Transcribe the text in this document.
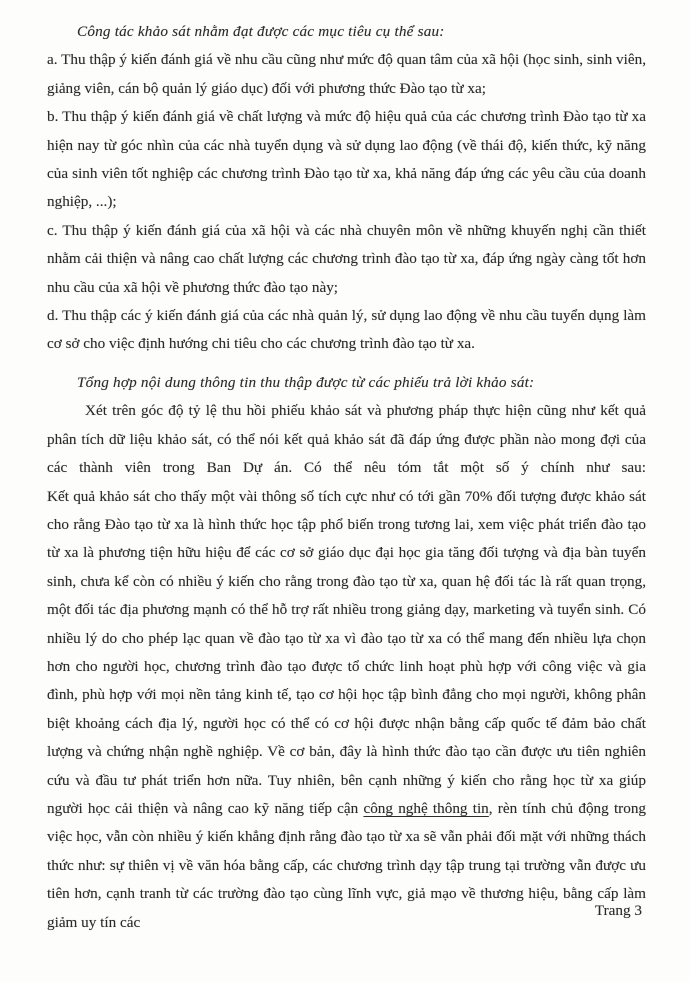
Công tác khảo sát nhằm đạt được các mục tiêu cụ thể sau:

a. Thu thập ý kiến đánh giá về nhu cầu cũng như mức độ quan tâm của xã hội (học sinh, sinh viên, giảng viên, cán bộ quản lý giáo dục) đối với phương thức Đào tạo từ xa;

b. Thu thập ý kiến đánh giá về chất lượng và mức độ hiệu quả của các chương trình Đào tạo từ xa hiện nay từ góc nhìn của các nhà tuyển dụng và sử dụng lao động (về thái độ, kiến thức, kỹ năng của sinh viên tốt nghiệp các chương trình Đào tạo từ xa, khả năng đáp ứng các yêu cầu của doanh nghiệp, ...);

c. Thu thập ý kiến đánh giá của xã hội và các nhà chuyên môn về những khuyến nghị cần thiết nhằm cải thiện và nâng cao chất lượng các chương trình đào tạo từ xa, đáp ứng ngày càng tốt hơn nhu cầu của xã hội về phương thức đào tạo này;

d. Thu thập các ý kiến đánh giá của các nhà quản lý, sử dụng lao động về nhu cầu tuyển dụng làm cơ sở cho việc định hướng chi tiêu cho các chương trình đào tạo từ xa.

Tổng hợp nội dung thông tin thu thập được từ các phiếu trả lời khảo sát:

Xét trên góc độ tỷ lệ thu hồi phiếu khảo sát và phương pháp thực hiện cũng như kết quả phân tích dữ liệu khảo sát, có thể nói kết quả khảo sát đã đáp ứng được phần nào mong đợi của các thành viên trong Ban Dự án. Có thể nêu tóm tắt một số ý chính như sau:

Kết quả khảo sát cho thấy một vài thông số tích cực như có tới gần 70% đối tượng được khảo sát cho rằng Đào tạo từ xa là hình thức học tập phổ biến trong tương lai, xem việc phát triển đào tạo từ xa là phương tiện hữu hiệu để các cơ sở giáo dục đại học gia tăng đối tượng và địa bàn tuyển sinh, chưa kể còn có nhiều ý kiến cho rằng trong đào tạo từ xa, quan hệ đối tác là rất quan trọng, một đối tác địa phương mạnh có thể hỗ trợ rất nhiều trong giảng dạy, marketing và tuyển sinh. Có nhiều lý do cho phép lạc quan về đào tạo từ xa vì đào tạo từ xa có thể mang đến nhiều lựa chọn hơn cho người học, chương trình đào tạo được tổ chức linh hoạt phù hợp với công việc và gia đình, phù hợp với mọi nền tảng kinh tế, tạo cơ hội học tập bình đẳng cho mọi người, không phân biệt khoảng cách địa lý, người học có thể có cơ hội được nhận bằng cấp quốc tế đảm bảo chất lượng và chứng nhận nghề nghiệp. Về cơ bản, đây là hình thức đào tạo cần được ưu tiên nghiên cứu và đầu tư phát triển hơn nữa. Tuy nhiên, bên cạnh những ý kiến cho rằng học từ xa giúp người học cải thiện và nâng cao kỹ năng tiếp cận công nghệ thông tin, rèn tính chủ động trong việc học, vẫn còn nhiều ý kiến khẳng định rằng đào tạo từ xa sẽ vẫn phải đối mặt với những thách thức như: sự thiên vị về văn hóa bằng cấp, các chương trình dạy tập trung tại trường vẫn được ưu tiên hơn, cạnh tranh từ các trường đào tạo cùng lĩnh vực, giả mạo về thương hiệu, bằng cấp làm giảm uy tín các

Trang 3
